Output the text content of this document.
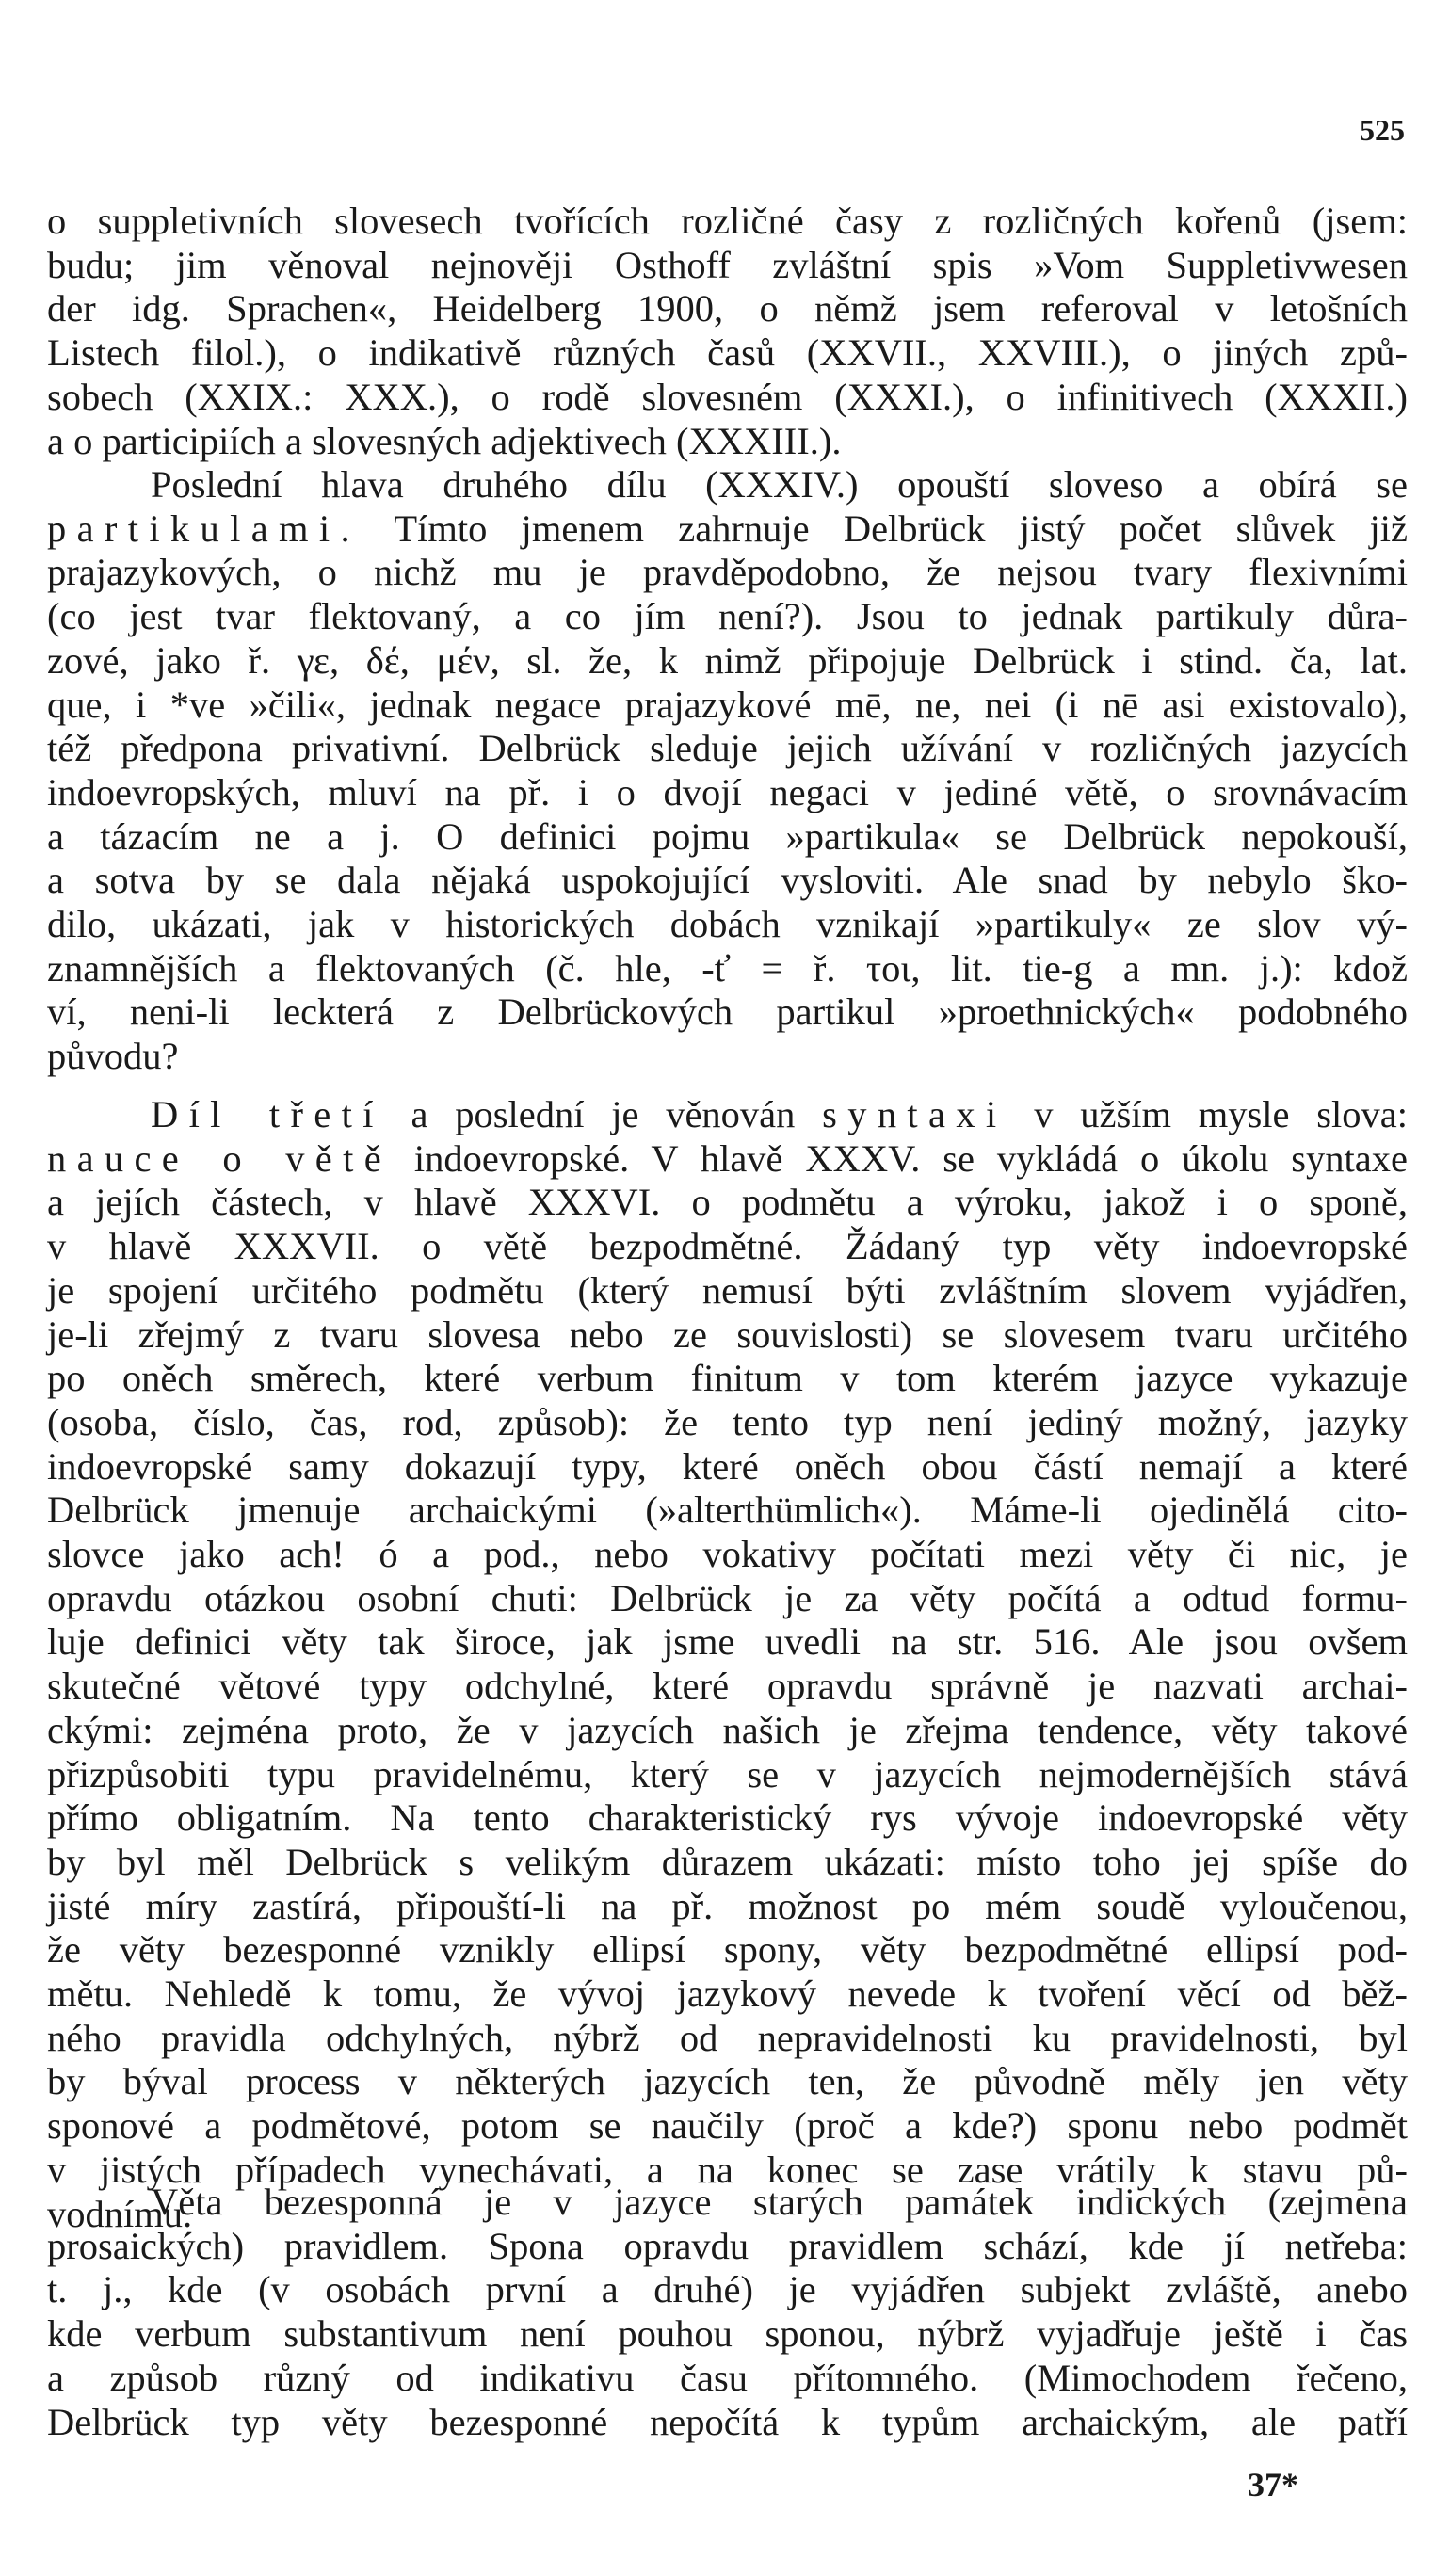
525
o suppletivních slovesech tvořících rozličné časy z rozličných kořenů (jsem:
budu; jim věnoval nejnověji Osthoff zvláštní spis »Vom Suppletivwesen
der idg. Sprachen«, Heidelberg 1900, o němž jsem referoval v letošních
Listech filol.), o indikativě různých časů (XXVII., XXVIII.), o jiných způ-
sobech (XXIX.: XXX.), o rodě slovesném (XXXI.), o infinitivech (XXXII.)
a o participiích a slovesných adjektivech (XXXIII.).
Poslední hlava druhého dílu (XXXIV.) opouští sloveso a obírá se
partikulami. Tímto jmenem zahrnuje Delbrück jistý počet slůvek již
prajazykových, o nichž mu je pravděpodobno, že nejsou tvary flexivními
(co jest tvar flektovaný, a co jím není?). Jsou to jednak partikuly důra-
zové, jako ř. γε, δέ, μέν, sl. že, k nimž připojuje Delbrück i stind. ča, lat.
que, i *ve »čili«, jednak negace prajazykové mē, ne, nei (i nē asi existovalo),
též předpona privativní. Delbrück sleduje jejich užívání v rozličných jazycích
indoevropských, mluví na př. i o dvojí negaci v jediné větě, o srovnávacím
a tázacím ne a j. O definici pojmu »partikula« se Delbrück nepokouší,
a sotva by se dala nějaká uspokojující vysloviti. Ale snad by nebylo ško-
dilo, ukázati, jak v historických dobách vznikají »partikuly« ze slov vý-
znamnějších a flektovaných (č. hle, -ť = ř. τοι, lit. tie-g a mn. j.): kdož
ví, neni-li leckterá z Delbrückových partikul »proethnických« podobného
původu?
Díl třetí a poslední je věnován syntaxi v užším mysle slova:
nauce o větě indoevropské. V hlavě XXXV. se vykládá o úkolu syntaxe
a jejích částech, v hlavě XXXVI. o podmětu a výroku, jakož i o sponě,
v hlavě XXXVII. o větě bezpodmětné. Žádaný typ věty indoevropské
je spojení určitého podmětu (který nemusí býti zvláštním slovem vyjádřen,
je-li zřejmý z tvaru slovesa nebo ze souvislosti) se slovesem tvaru určitého
po oněch směrech, které verbum finitum v tom kterém jazyce vykazuje
(osoba, číslo, čas, rod, způsob): že tento typ není jediný možný, jazyky
indoevropské samy dokazují typy, které oněch obou částí nemají a které
Delbrück jmenuje archaickými (»alterthümlich«). Máme-li ojedinělá cito-
slovce jako ach! ó a pod., nebo vokativy počítati mezi věty či nic, je
opravdu otázkou osobní chuti: Delbrück je za věty počítá a odtud formu-
luje definici věty tak široce, jak jsme uvedli na str. 516. Ale jsou ovšem
skutečné větové typy odchylné, které opravdu správně je nazvati archai-
ckými: zejména proto, že v jazycích našich je zřejma tendence, věty takové
přizpůsobiti typu pravidelnému, který se v jazycích nejmodernějších stává
přímo obligatním. Na tento charakteristický rys vývoje indoevropské věty
by byl měl Delbrück s velikým důrazem ukázati: místo toho jej spíše do
jisté míry zastírá, připouští-li na př. možnost po mém soudě vyloučenou,
že věty bezesponné vznikly ellipsí spony, věty bezpodmětné ellipsí pod-
mětu. Nehledě k tomu, že vývoj jazykový nevede k tvoření věcí od běž-
ného pravidla odchylných, nýbrž od nepravidelnosti ku pravidelnosti, byl
by býval process v některých jazycích ten, že původně měly jen věty
sponové a podmětové, potom se naučily (proč a kde?) sponu nebo podmět
v jistých případech vynechávati, a na konec se zase vrátily k stavu pů-
vodnímu.
Věta bezesponná je v jazyce starých památek indických (zejmena
prosaických) pravidlem. Spona opravdu pravidlem schází, kde jí netřeba:
t. j., kde (v osobách první a druhé) je vyjádřen subjekt zvláště, anebo
kde verbum substantivum není pouhou sponou, nýbrž vyjadřuje ještě i čas
a způsob různý od indikativu času přítomného. (Mimochodem řečeno,
Delbrück typ věty bezesponné nepočítá k typům archaickým, ale patří
37*
